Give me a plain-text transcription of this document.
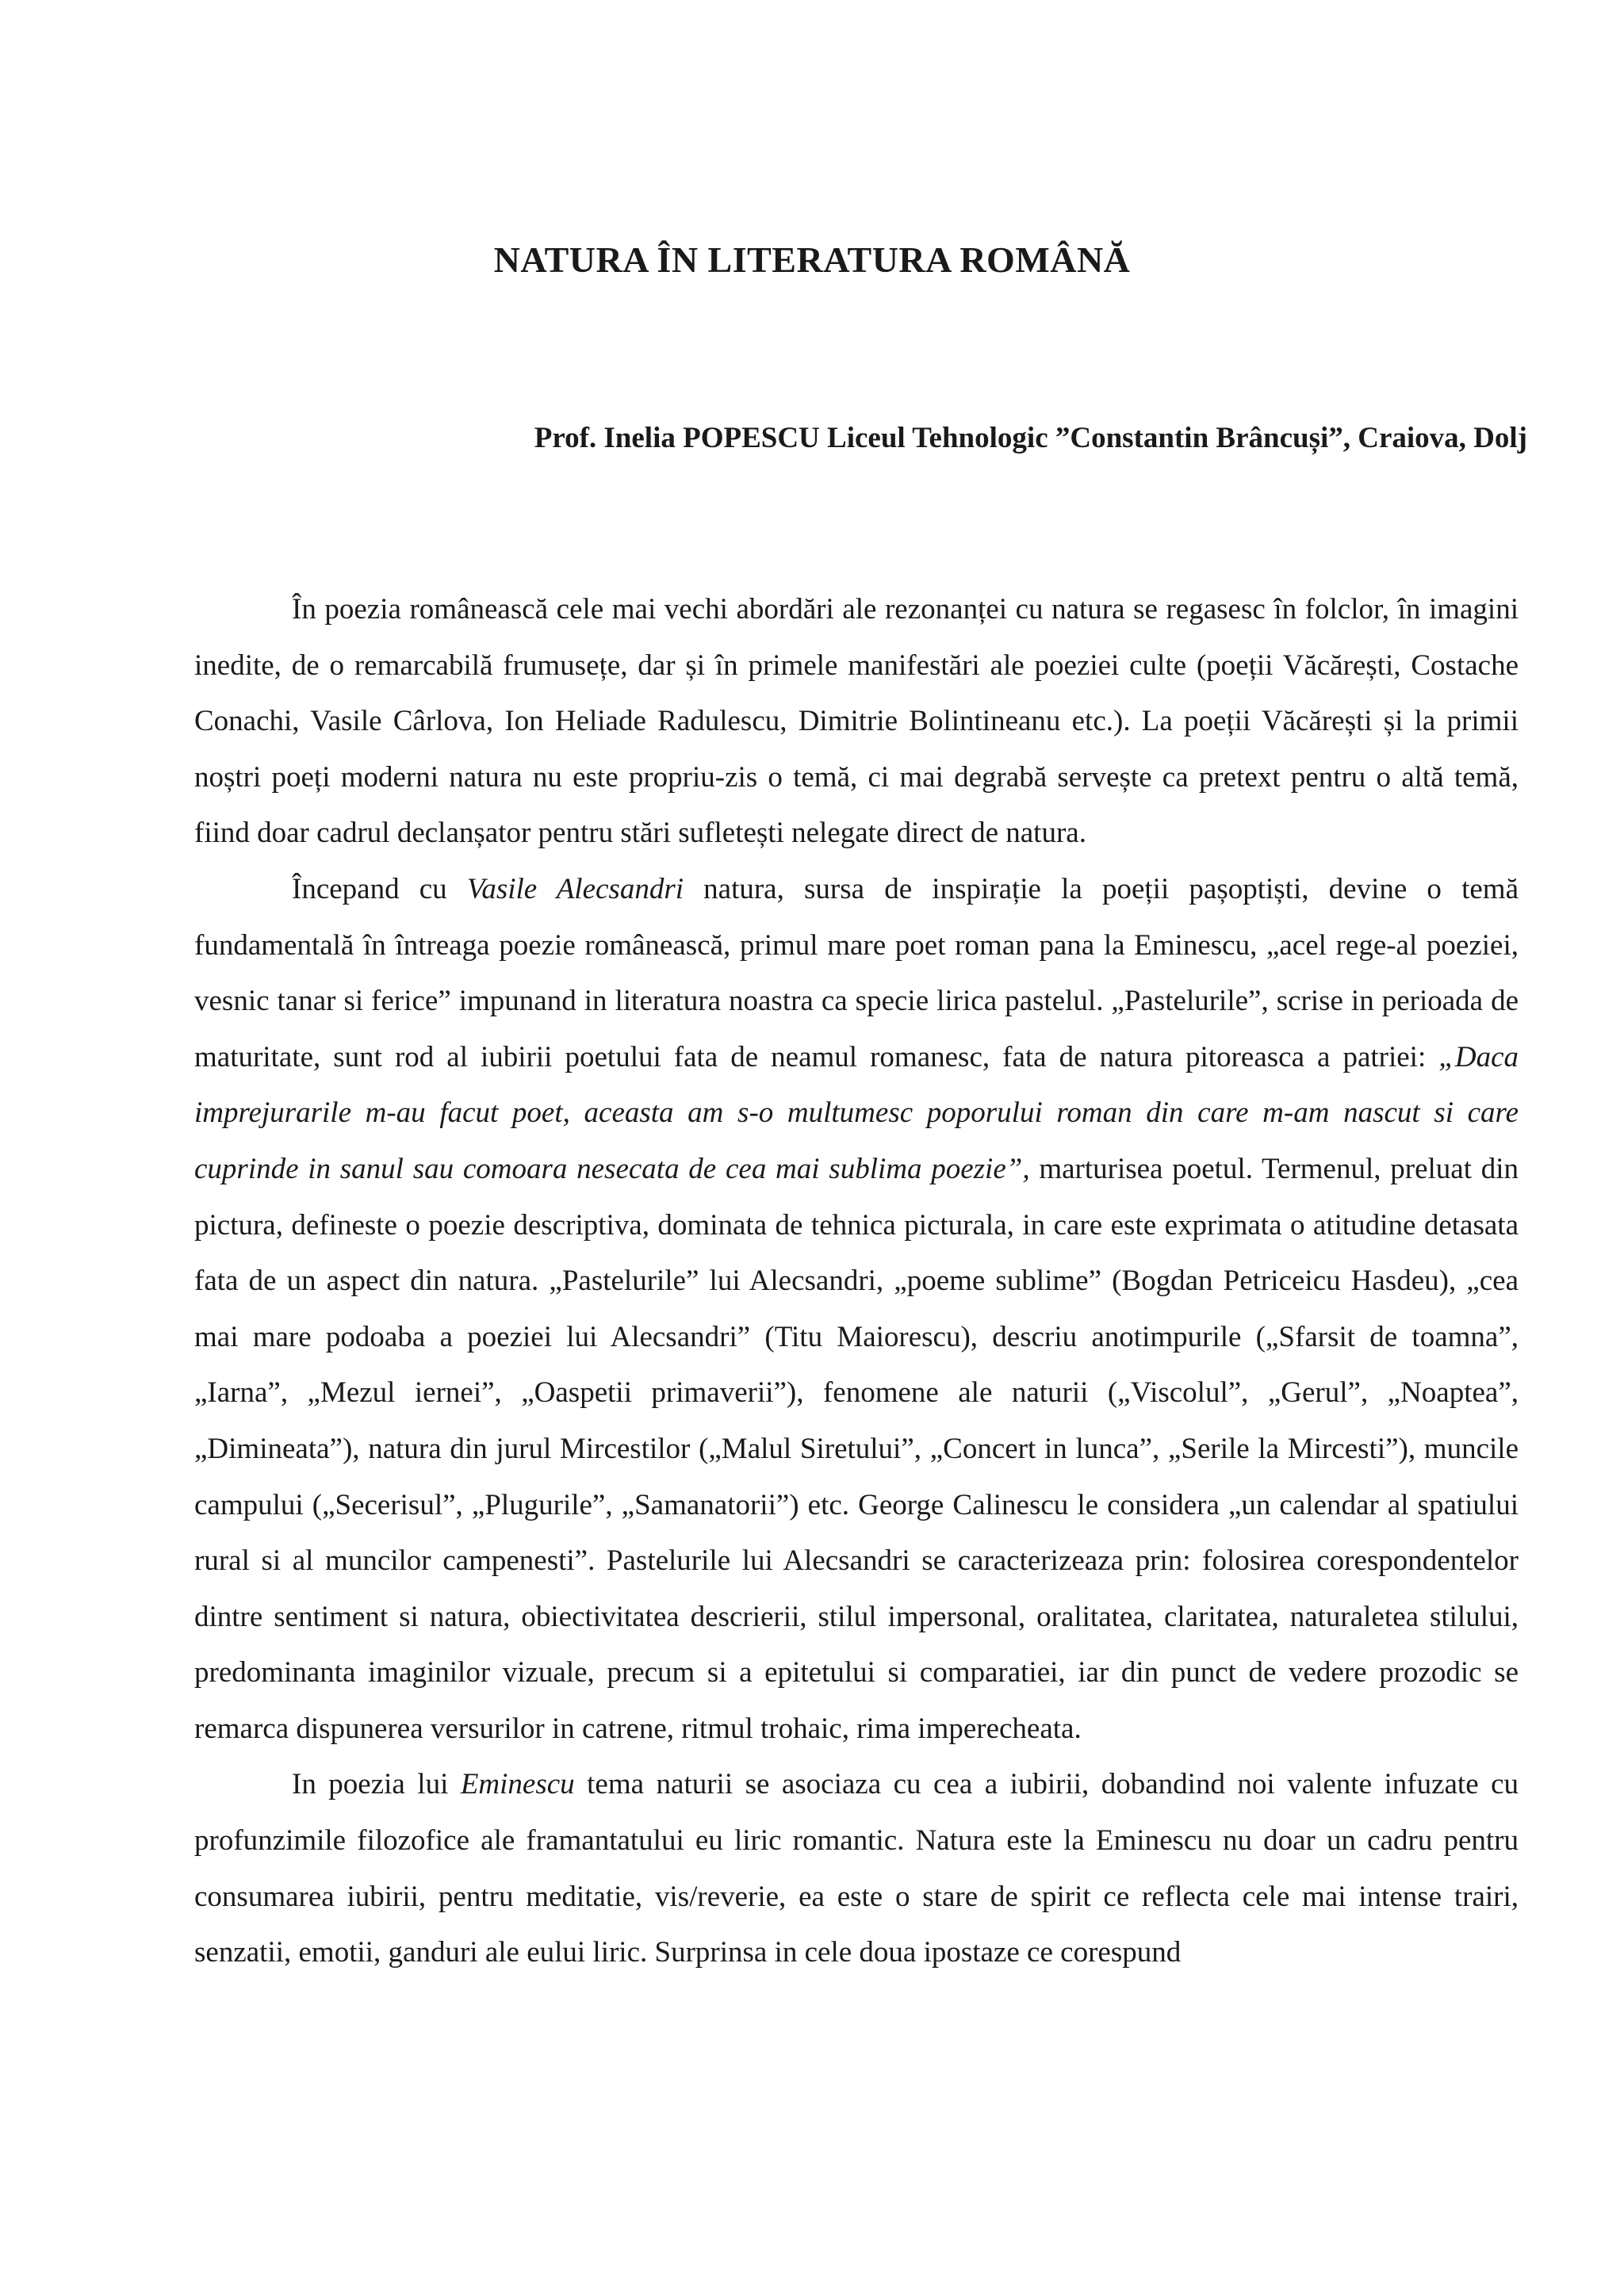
NATURA ÎN LITERATURA ROMÂNĂ
Prof. Inelia POPESCU Liceul Tehnologic ”Constantin Brâncuși”, Craiova, Dolj

În poezia românească cele mai vechi abordări ale rezonanței cu natura se regasesc în folclor, în imagini inedite, de o remarcabilă frumusețe, dar și în primele manifestări ale poeziei culte (poeții Văcărești, Costache Conachi, Vasile Cârlova, Ion Heliade Radulescu, Dimitrie Bolintineanu etc.). La poeții Văcărești și la primii noștri poeți moderni natura nu este propriu-zis o temă, ci mai degrabă servește ca pretext pentru o altă temă, fiind doar cadrul declanșator pentru stări sufletești nelegate direct de natura.

Începand cu Vasile Alecsandri natura, sursa de inspirație la poeții pașoptiști, devine o temă fundamentală în întreaga poezie românească, primul mare poet roman pana la Eminescu, „acel rege-al poeziei, vesnic tanar si ferice” impunand in literatura noastra ca specie lirica pastelul. „Pastelurile”, scrise in perioada de maturitate, sunt rod al iubirii poetului fata de neamul romanesc, fata de natura pitoreasca a patriei: „Daca imprejurarile m-au facut poet, aceasta am s-o multumesc poporului roman din care m-am nascut si care cuprinde in sanul sau comoara nesecata de cea mai sublima poezie”, marturisea poetul. Termenul, preluat din pictura, defineste o poezie descriptiva, dominata de tehnica picturala, in care este exprimata o atitudine detasata fata de un aspect din natura. „Pastelurile” lui Alecsandri, „poeme sublime” (Bogdan Petriceicu Hasdeu), „cea mai mare podoaba a poeziei lui Alecsandri” (Titu Maiorescu), descriu anotimpurile („Sfarsit de toamna”, „Iarna”, „Mezul iernei”, „Oaspetii primaverii”), fenomene ale naturii („Viscolul”, „Gerul”, „Noaptea”, „Dimineata”), natura din jurul Mircestilor („Malul Siretului”, „Concert in lunca”, „Serile la Mircesti”), muncile campului („Secerisul”, „Plugurile”, „Samanatorii”) etc. George Calinescu le considera „un calendar al spatiului rural si al muncilor campenesti”. Pastelurile lui Alecsandri se caracterizeaza prin: folosirea corespondentelor dintre sentiment si natura, obiectivitatea descrierii, stilul impersonal, oralitatea, claritatea, naturaletea stilului, predominanta imaginilor vizuale, precum si a epitetului si comparatiei, iar din punct de vedere prozodic se remarca dispunerea versurilor in catrene, ritmul trohaic, rima imperecheata.

In poezia lui Eminescu tema naturii se asociaza cu cea a iubirii, dobandind noi valente infuzate cu profunzimile filozofice ale framantatului eu liric romantic. Natura este la Eminescu nu doar un cadru pentru consumarea iubirii, pentru meditatie, vis/reverie, ea este o stare de spirit ce reflecta cele mai intense trairi, senzatii, emotii, ganduri ale eului liric. Surprinsa in cele doua ipostaze ce corespund
